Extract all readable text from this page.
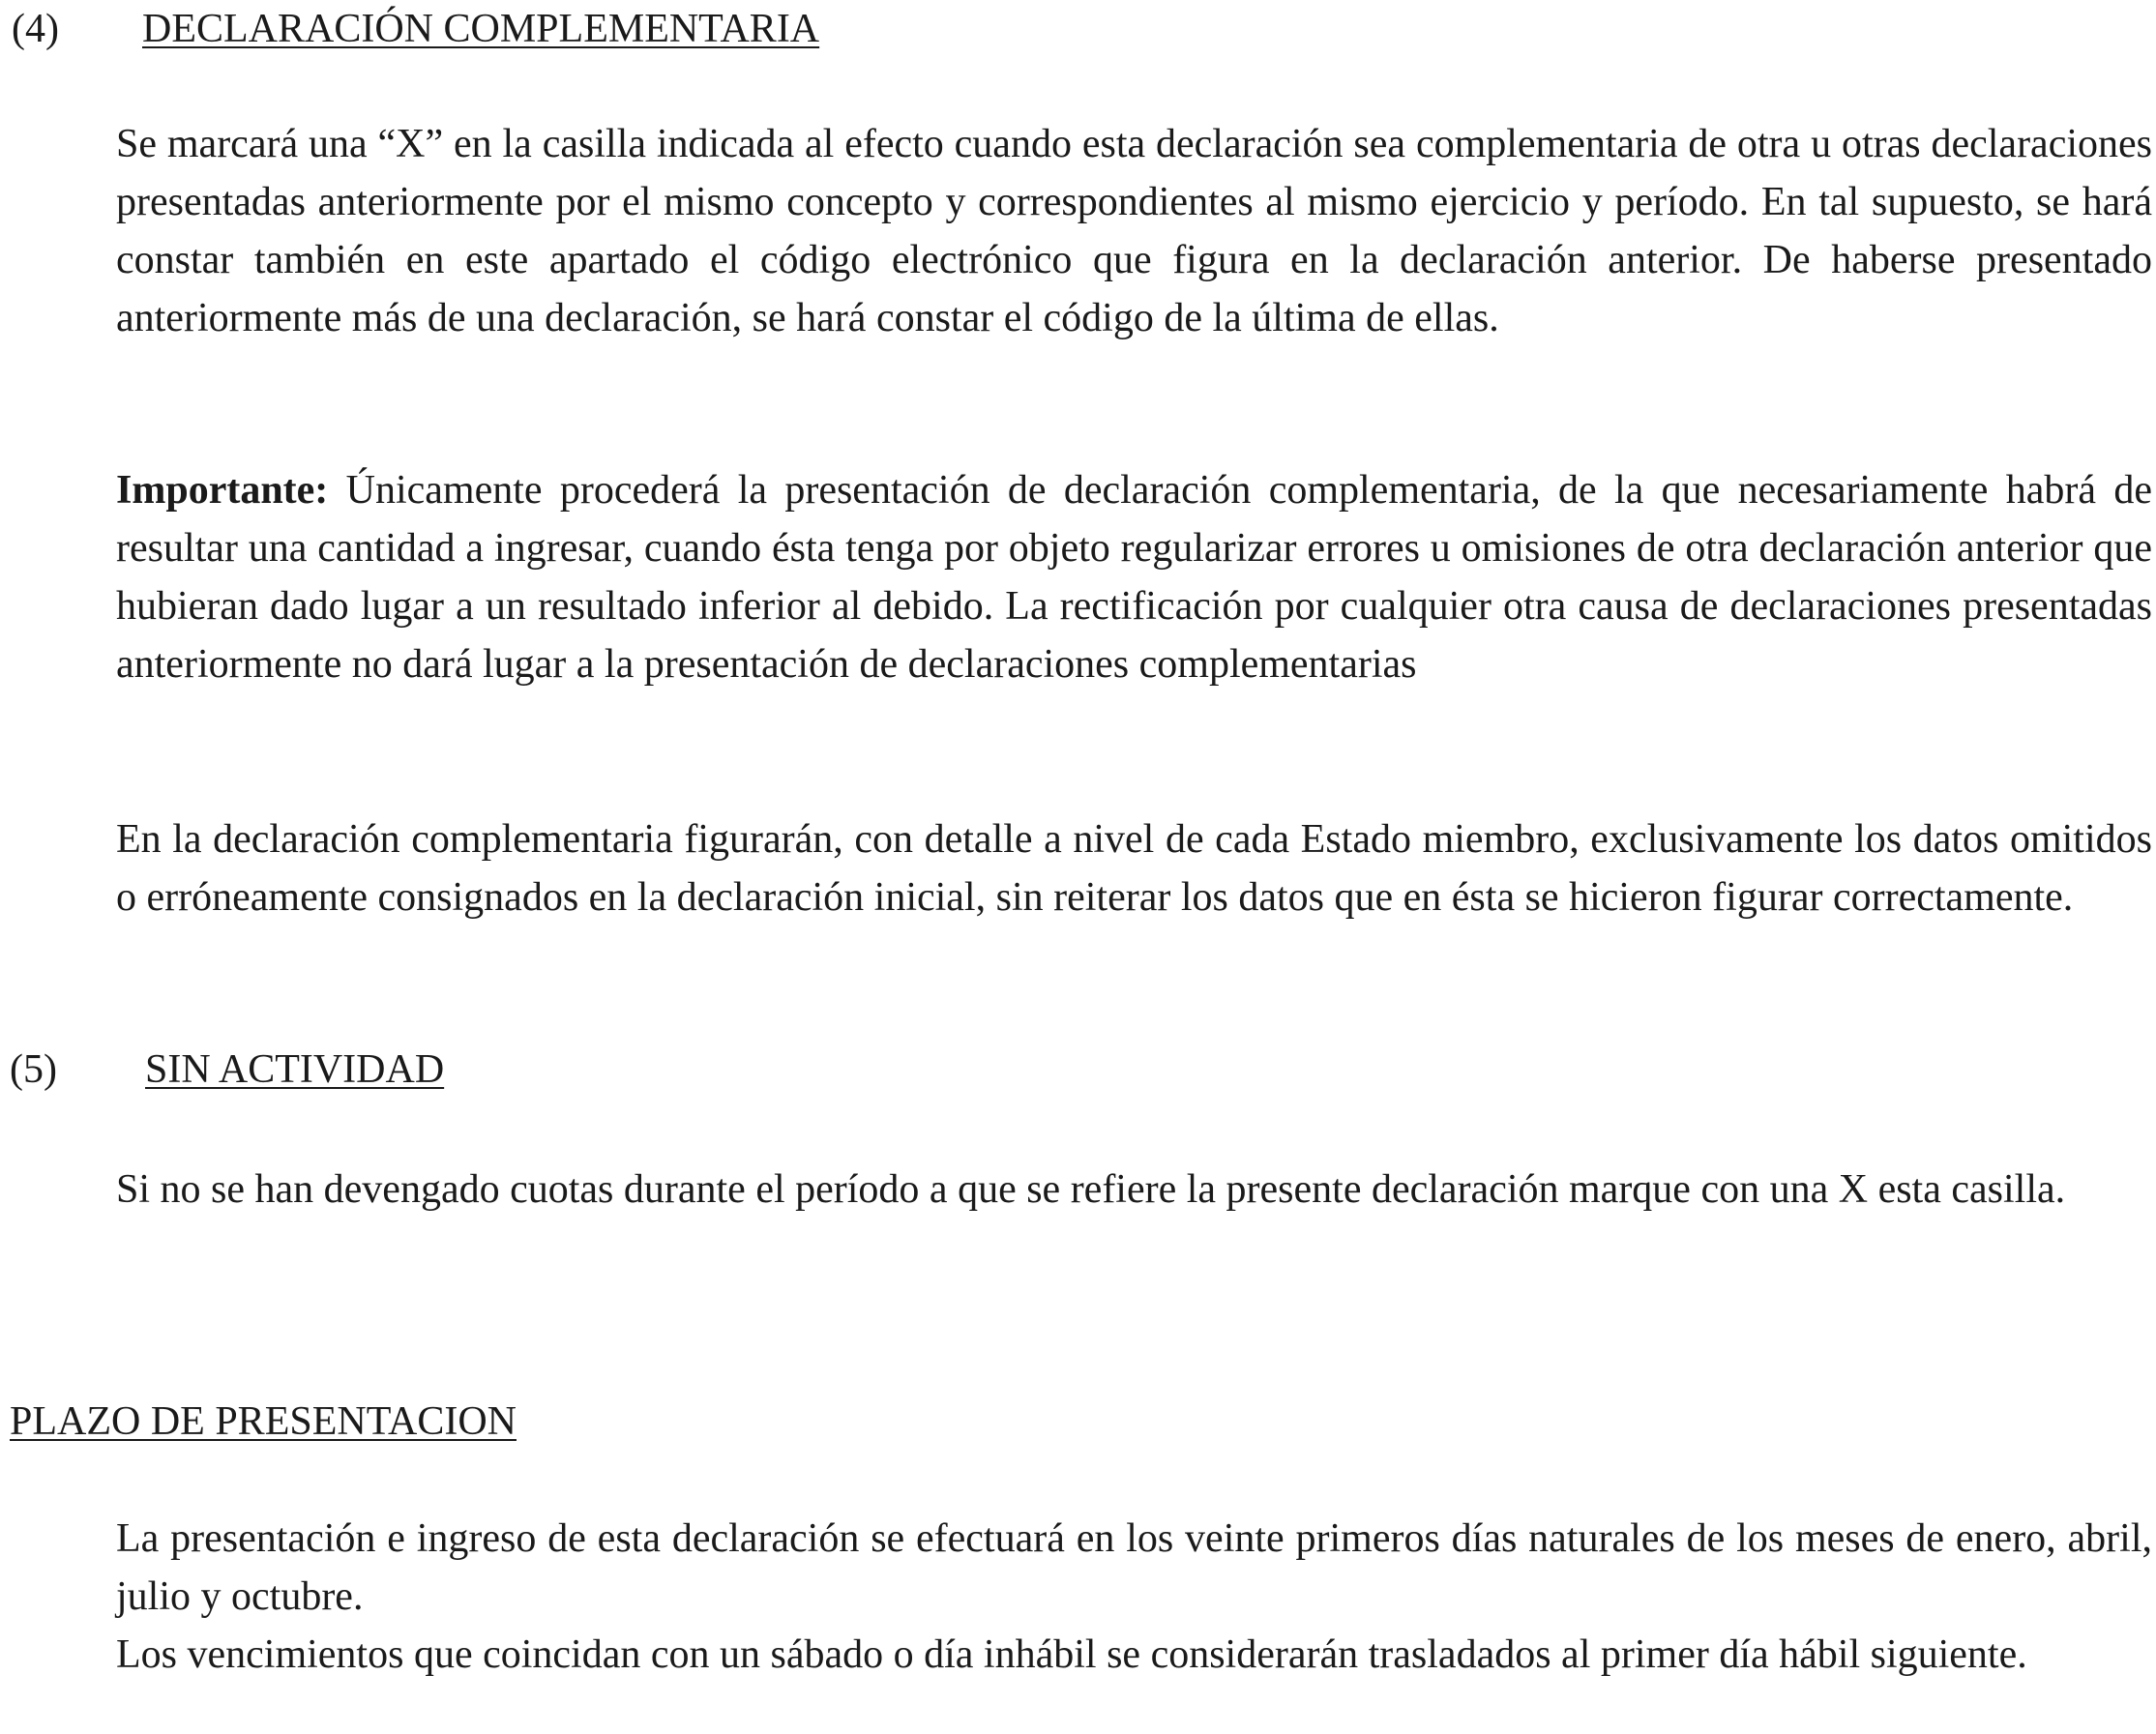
(4) DECLARACIÓN COMPLEMENTARIA

Se marcará una “X” en la casilla indicada al efecto cuando esta declaración sea complementaria de otra u otras declaraciones presentadas anteriormente por el mismo concepto y correspondientes al mismo ejercicio y período. En tal supuesto, se hará constar también en este apartado el código electrónico que figura en la declaración anterior. De haberse presentado anteriormente más de una declaración, se hará constar el código de la última de ellas.

Importante: Únicamente procederá la presentación de declaración complementaria, de la que necesariamente habrá de resultar una cantidad a ingresar, cuando ésta tenga por objeto regularizar errores u omisiones de otra declaración anterior que hubieran dado lugar a un resultado inferior al debido. La rectificación por cualquier otra causa de declaraciones presentadas anteriormente no dará lugar a la presentación de declaraciones complementarias

En la declaración complementaria figurarán, con detalle a nivel de cada Estado miembro, exclusivamente los datos omitidos o erróneamente consignados en la declaración inicial, sin reiterar los datos que en ésta se hicieron figurar correctamente.

(5) SIN ACTIVIDAD

Si no se han devengado cuotas durante el período a que se refiere la presente declaración marque con una X esta casilla.

PLAZO DE PRESENTACION

La presentación e ingreso de esta declaración se efectuará en los veinte primeros días naturales de los meses de enero, abril, julio y octubre.

Los vencimientos que coincidan con un sábado o día inhábil se considerarán trasladados al primer día hábil siguiente.
